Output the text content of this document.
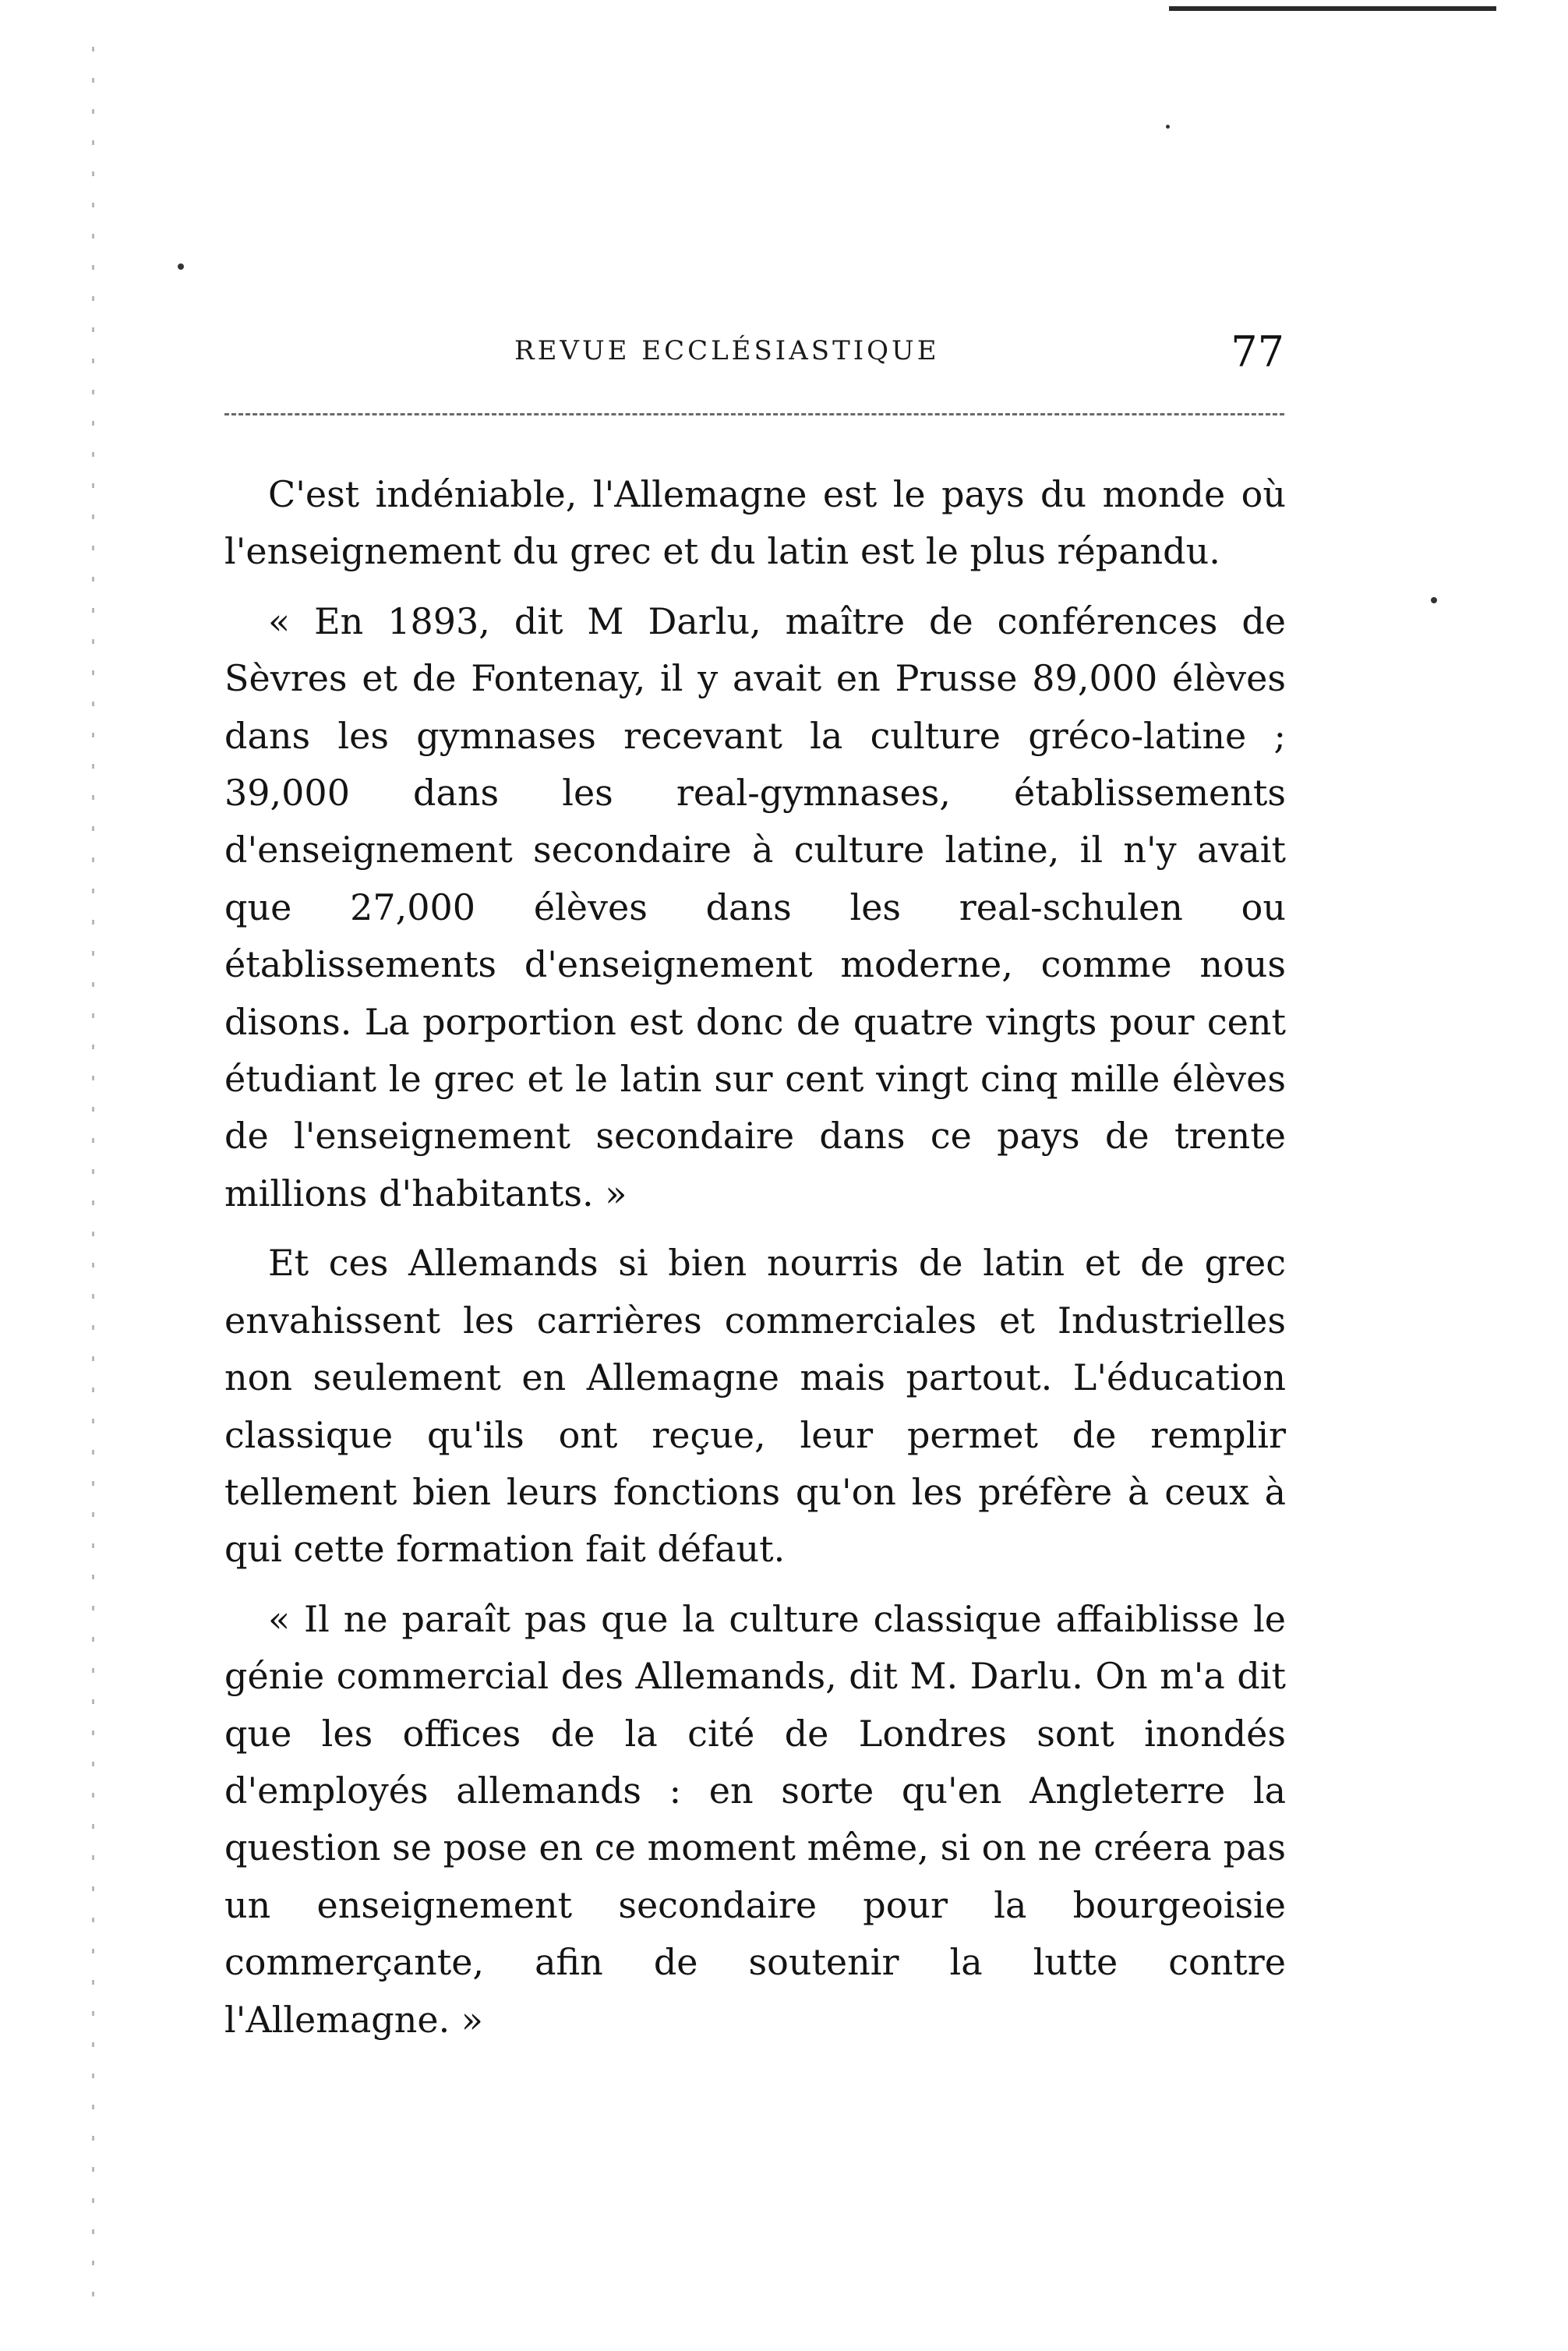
REVUE ECCLÉSIASTIQUE	77

C'est indéniable, l'Allemagne est le pays du monde où l'enseignement du grec et du latin est le plus répandu.

« En 1893, dit M Darlu, maître de conférences de Sèvres et de Fontenay, il y avait en Prusse 89,000 élèves dans les gymnases recevant la culture gréco-latine ; 39,000 dans les real-gymnases, établissements d'enseignement secondaire à culture latine, il n'y avait que 27,000 élèves dans les real-schulen ou établissements d'enseignement moderne, comme nous disons. La porportion est donc de quatre vingts pour cent étudiant le grec et le latin sur cent vingt cinq mille élèves de l'enseignement secondaire dans ce pays de trente millions d'habitants. »

Et ces Allemands si bien nourris de latin et de grec envahissent les carrières commerciales et Industrielles non seulement en Allemagne mais partout. L'éducation classique qu'ils ont reçue, leur permet de remplir tellement bien leurs fonctions qu'on les préfère à ceux à qui cette formation fait défaut.

« Il ne paraît pas que la culture classique affaiblisse le génie commercial des Allemands, dit M. Darlu. On m'a dit que les offices de la cité de Londres sont inondés d'employés allemands : en sorte qu'en Angleterre la question se pose en ce moment même, si on ne créera pas un enseignement secondaire pour la bourgeoisie commerçante, afin de soutenir la lutte contre l'Allemagne. »
